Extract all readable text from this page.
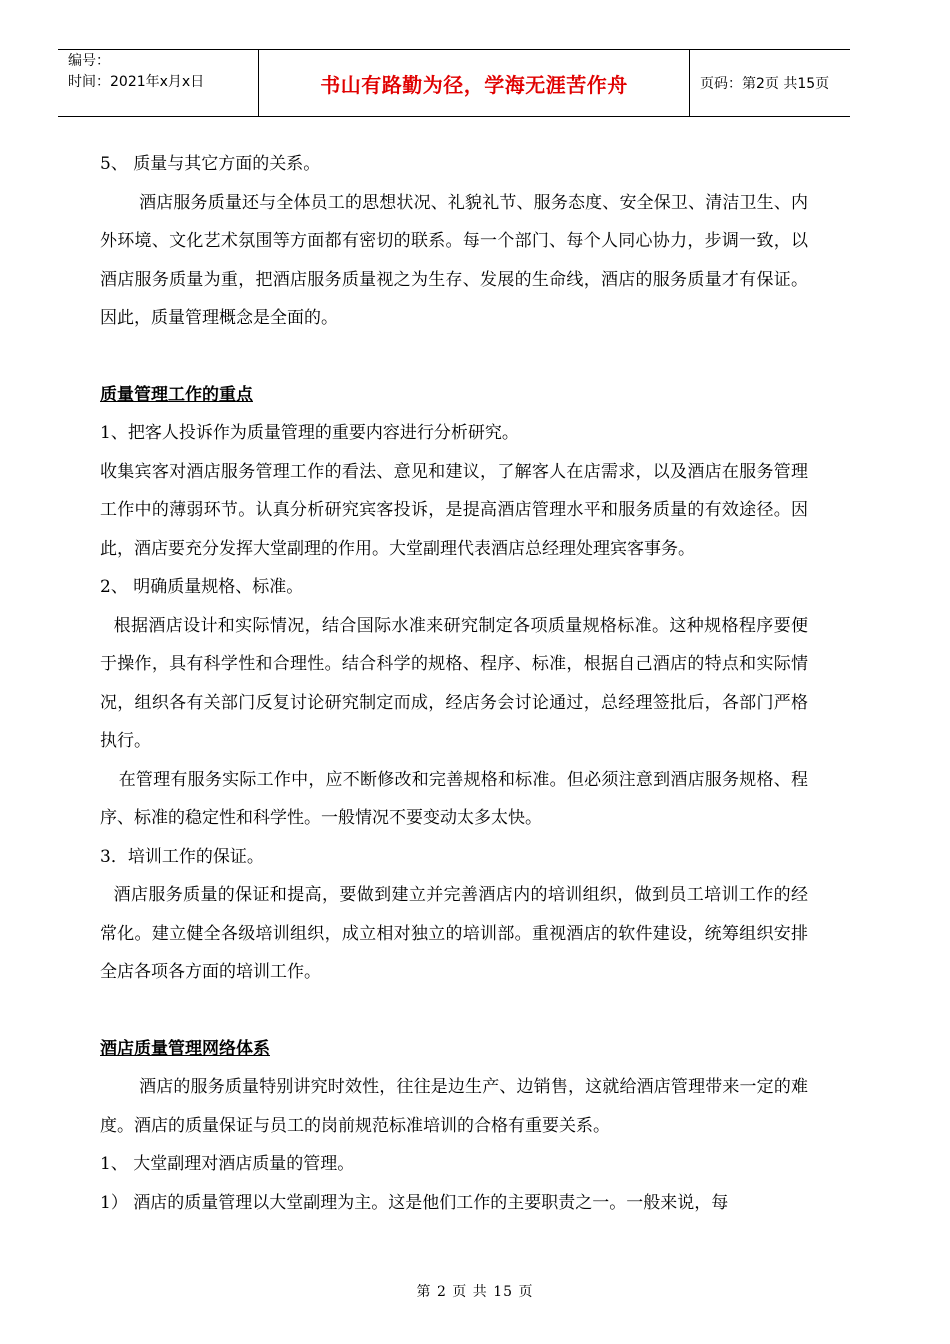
编号：
时间：2021年x月x日	书山有路勤为径，学海无涯苦作舟	页码：第2页 共15页

5、 质量与其它方面的关系。

酒店服务质量还与全体员工的思想状况、礼貌礼节、服务态度、安全保卫、清洁卫生、内外环境、文化艺术氛围等方面都有密切的联系。每一个部门、每个人同心协力，步调一致，以酒店服务质量为重，把酒店服务质量视之为生存、发展的生命线，酒店的服务质量才有保证。因此，质量管理概念是全面的。

质量管理工作的重点

1、把客人投诉作为质量管理的重要内容进行分析研究。

收集宾客对酒店服务管理工作的看法、意见和建议，了解客人在店需求，以及酒店在服务管理工作中的薄弱环节。认真分析研究宾客投诉，是提高酒店管理水平和服务质量的有效途径。因此，酒店要充分发挥大堂副理的作用。大堂副理代表酒店总经理处理宾客事务。

2、 明确质量规格、标准。

根据酒店设计和实际情况，结合国际水准来研究制定各项质量规格标准。这种规格程序要便于操作，具有科学性和合理性。结合科学的规格、程序、标准，根据自己酒店的特点和实际情况，组织各有关部门反复讨论研究制定而成，经店务会讨论通过，总经理签批后，各部门严格执行。

在管理有服务实际工作中，应不断修改和完善规格和标准。但必须注意到酒店服务规格、程序、标准的稳定性和科学性。一般情况不要变动太多太快。

3．培训工作的保证。

酒店服务质量的保证和提高，要做到建立并完善酒店内的培训组织，做到员工培训工作的经常化。建立健全各级培训组织，成立相对独立的培训部。重视酒店的软件建设，统筹组织安排全店各项各方面的培训工作。

酒店质量管理网络体系

酒店的服务质量特别讲究时效性，往往是边生产、边销售，这就给酒店管理带来一定的难度。酒店的质量保证与员工的岗前规范标准培训的合格有重要关系。

1、 大堂副理对酒店质量的管理。

1） 酒店的质量管理以大堂副理为主。这是他们工作的主要职责之一。一般来说，每

第 2 页 共 15 页
